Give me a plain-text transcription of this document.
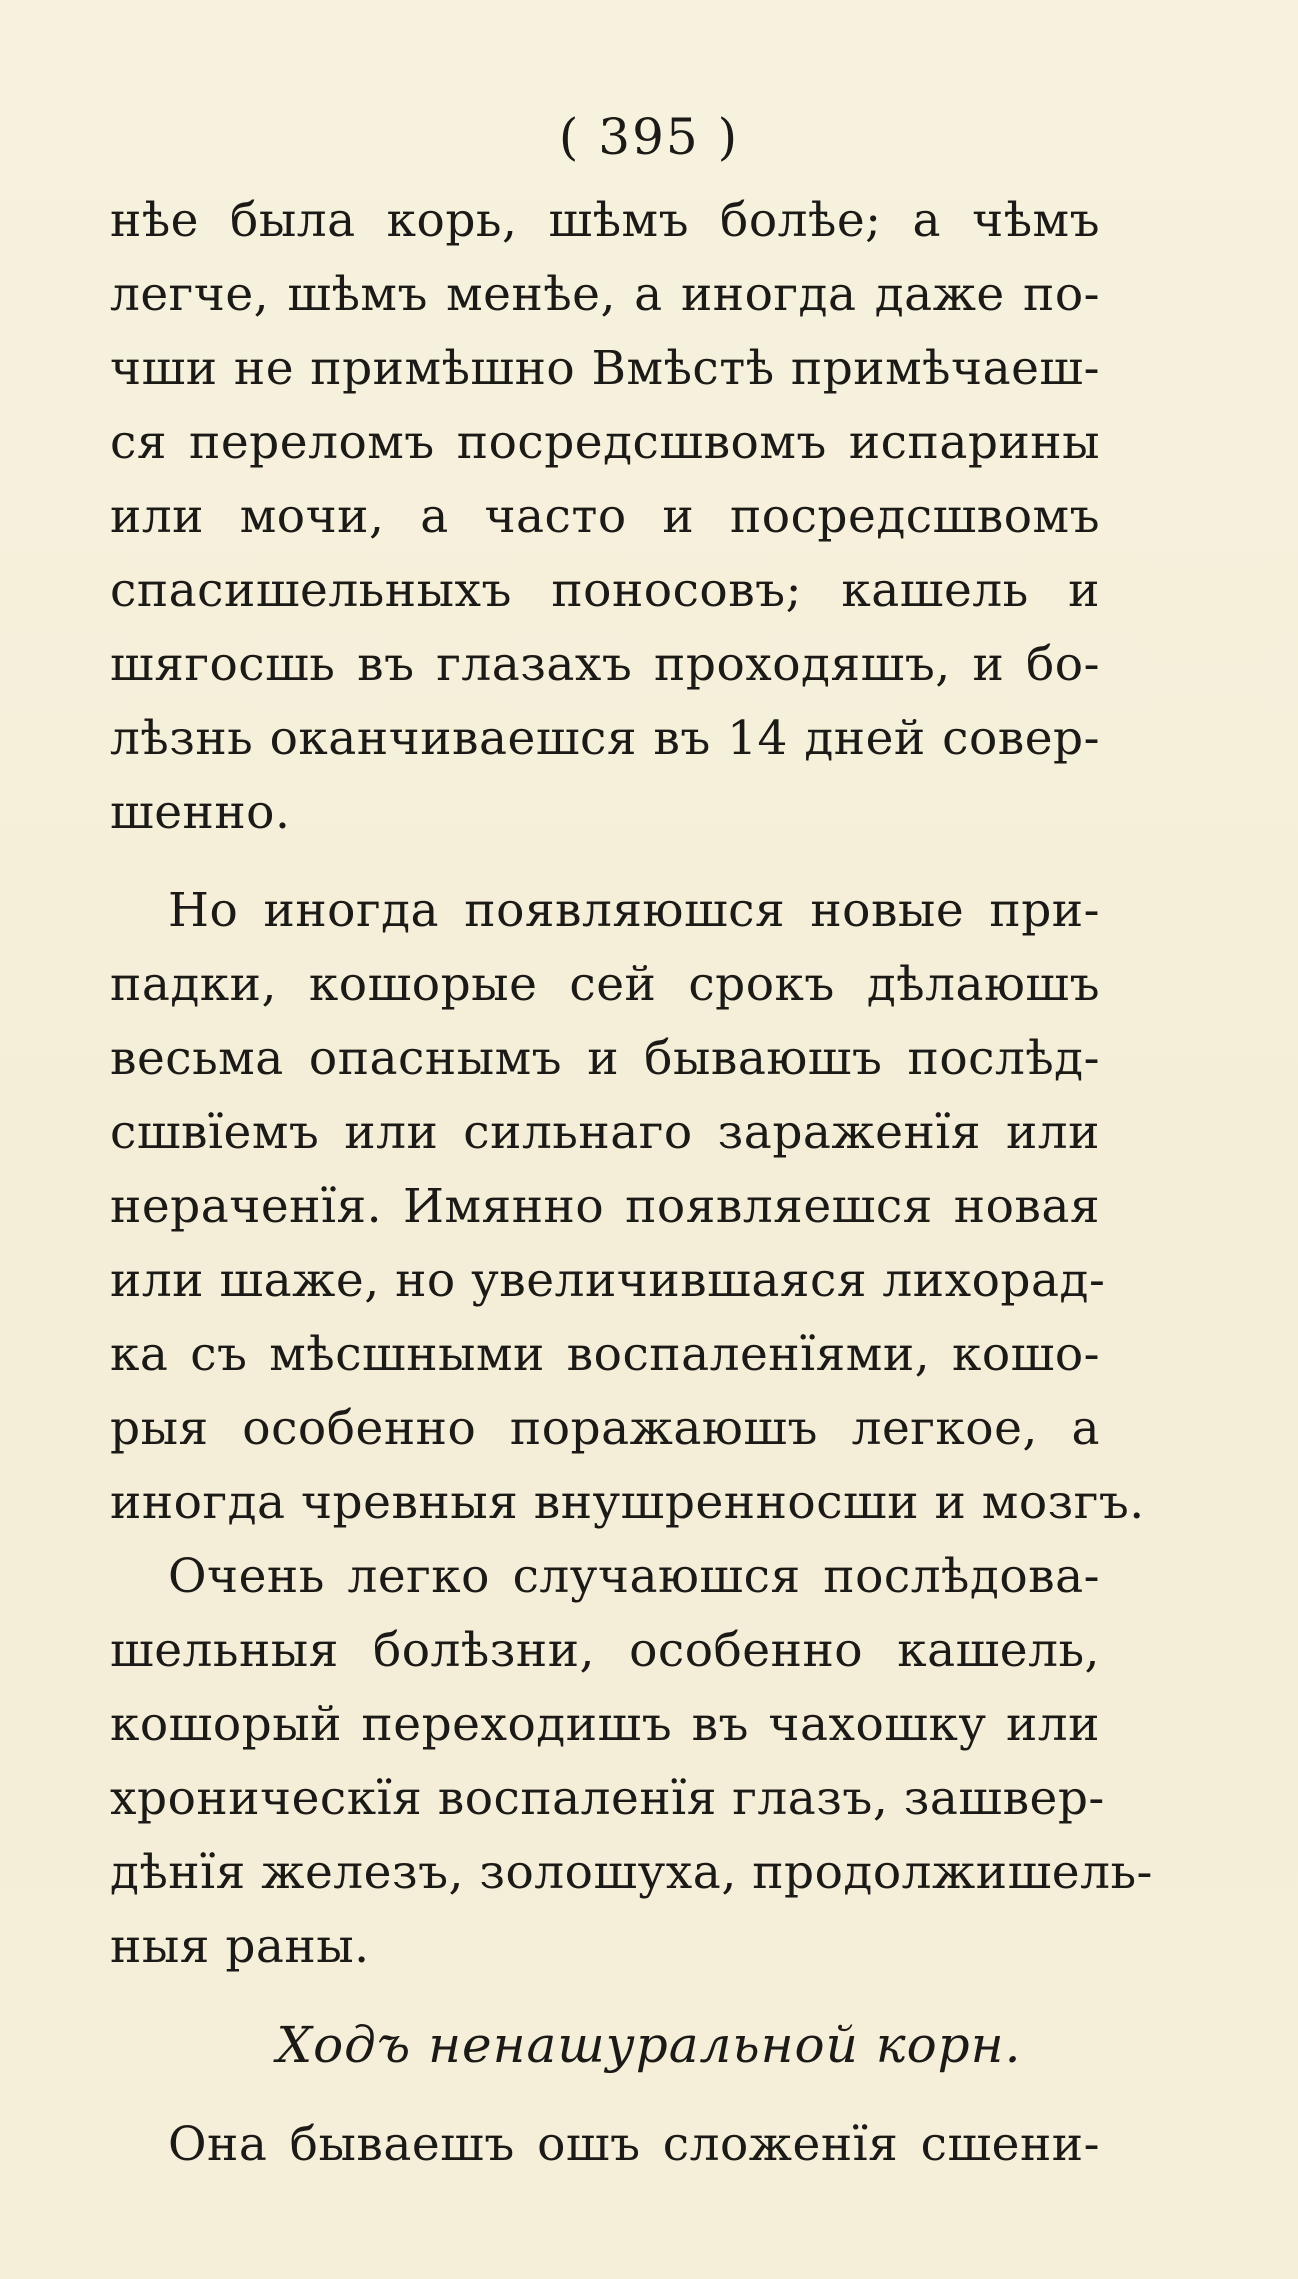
( 395 )
нѣе была корь, шѣмъ болѣе; а чѣмъ
легче, шѣмъ менѣе, а иногда даже по-
чши не примѣшно Вмѣстѣ примѣчаеш-
ся переломъ посредсшвомъ испарины
или мочи, а часто и посредсшвомъ
спасишельныхъ поносовъ; кашель и
шягосшь въ глазахъ проходяшъ, и бо-
лѣзнь оканчиваешся въ 14 дней совер-
шенно.
Но иногда появляюшся новые при-
падки, кошорые сей срокъ дѣлаюшъ
весьма опаснымъ и бываюшъ послѣд-
сшвїемъ или сильнаго зараженїя или
нераченїя. Имянно появляешся новая
или шаже, но увеличившаяся лихорад-
ка съ мѣсшными воспаленїями, кошо-
рыя особенно поражаюшъ легкое, а
иногда чревныя внушренносши и мозгъ.
Очень легко случаюшся послѣдова-
шельныя болѣзни, особенно кашель,
кошорый переходишъ въ чахошку или
хроническїя воспаленїя глазъ, зашвер-
дѣнїя железъ, золошуха, продолжишель-
ныя раны.
Ходъ ненашуральной корн.
Она бываешъ ошъ сложенїя сшени-
